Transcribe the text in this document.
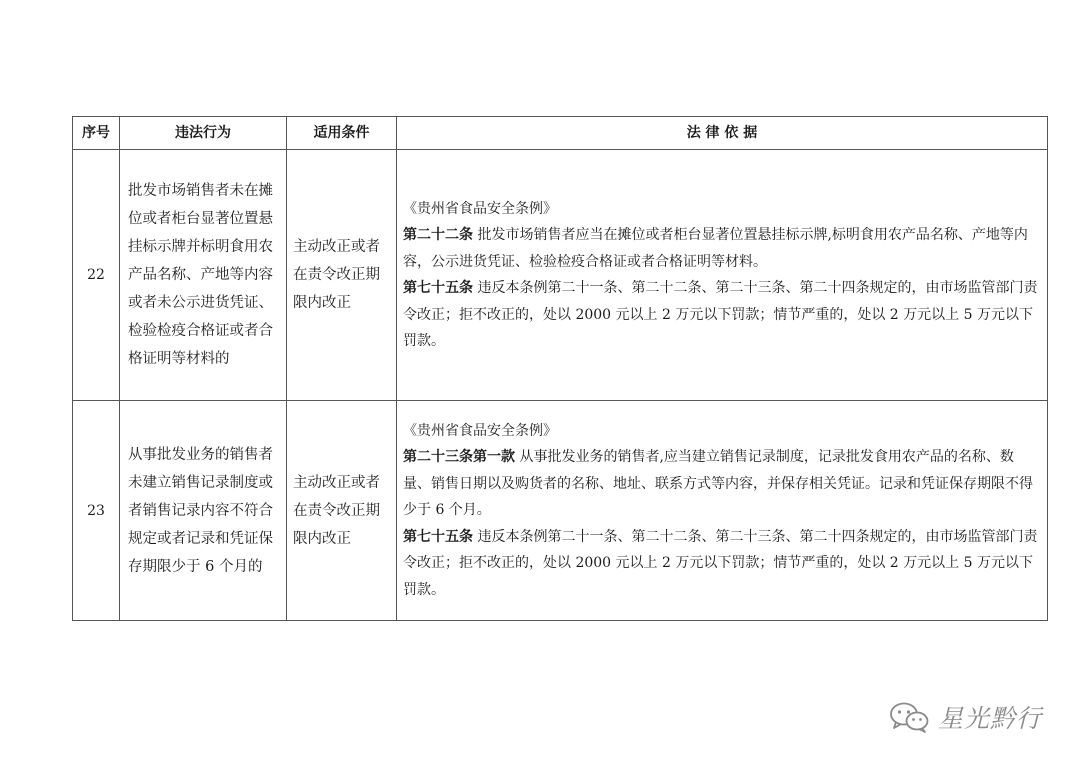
序号	违法行为	适用条件	法 律 依 据
22	批发市场销售者未在摊位或者柜台显著位置悬挂标示牌并标明食用农产品名称、产地等内容或者未公示进货凭证、检验检疫合格证或者合格证明等材料的	主动改正或者在责令改正期限内改正	《贵州省食品安全条例》
第二十二条 批发市场销售者应当在摊位或者柜台显著位置悬挂标示牌,标明食用农产品名称、产地等内容，公示进货凭证、检验检疫合格证或者合格证明等材料。
第七十五条 违反本条例第二十一条、第二十二条、第二十三条、第二十四条规定的，由市场监管部门责令改正；拒不改正的，处以 2000 元以上 2 万元以下罚款；情节严重的，处以 2 万元以上 5 万元以下罚款。

23	从事批发业务的销售者未建立销售记录制度或者销售记录内容不符合规定或者记录和凭证保存期限少于 6 个月的	主动改正或者在责令改正期限内改正	《贵州省食品安全条例》
第二十三条第一款 从事批发业务的销售者,应当建立销售记录制度，记录批发食用农产品的名称、数量、销售日期以及购货者的名称、地址、联系方式等内容，并保存相关凭证。记录和凭证保存期限不得少于 6 个月。
第七十五条 违反本条例第二十一条、第二十二条、第二十三条、第二十四条规定的，由市场监管部门责令改正；拒不改正的，处以 2000 元以上 2 万元以下罚款；情节严重的，处以 2 万元以上 5 万元以下罚款。
星光黔行
